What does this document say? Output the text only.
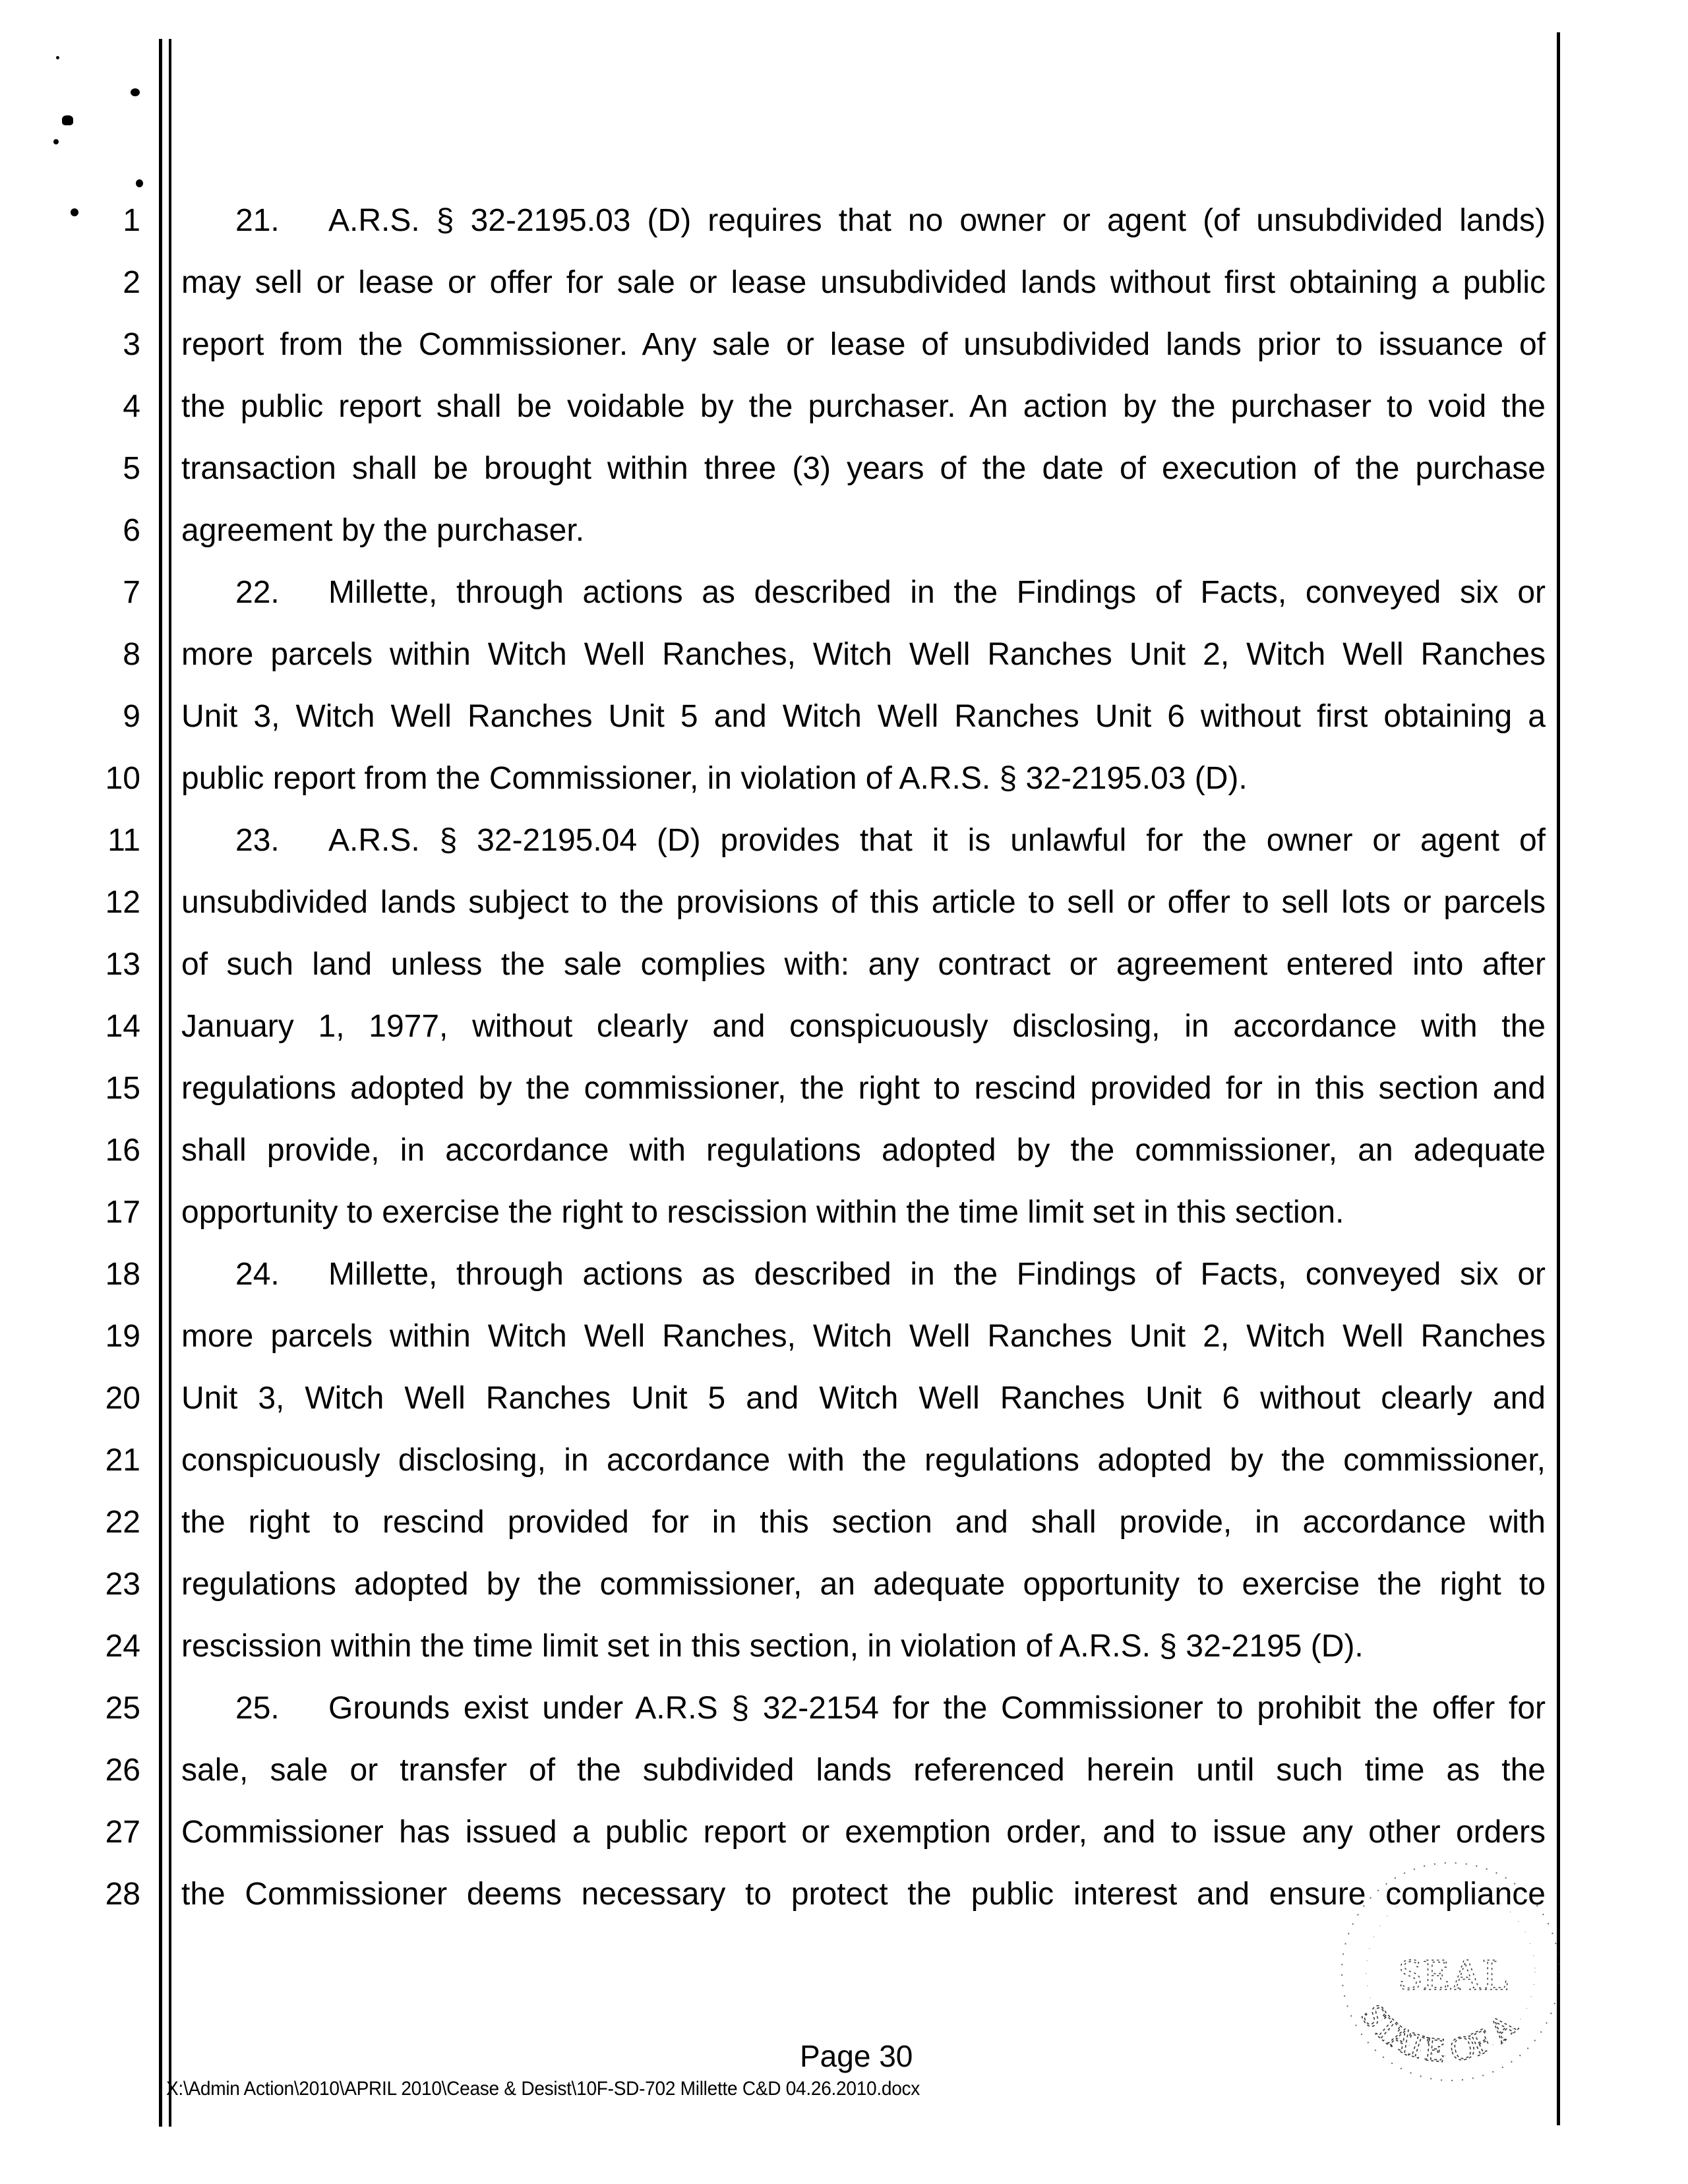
1
2
3
4
5
6
7
8
9
10
11
12
13
14
15
16
17
18
19
20
21
22
23
24
25
26
27
28
21. A.R.S. § 32-2195.03 (D) requires that no owner or agent (of unsubdivided lands)
may sell or lease or offer for sale or lease unsubdivided lands without first obtaining a public
report from the Commissioner. Any sale or lease of unsubdivided lands prior to issuance of
the public report shall be voidable by the purchaser. An action by the purchaser to void the
transaction shall be brought within three (3) years of the date of execution of the purchase
agreement by the purchaser.
22. Millette, through actions as described in the Findings of Facts, conveyed six or
more parcels within Witch Well Ranches, Witch Well Ranches Unit 2, Witch Well Ranches
Unit 3, Witch Well Ranches Unit 5 and Witch Well Ranches Unit 6 without first obtaining a
public report from the Commissioner, in violation of A.R.S. § 32-2195.03 (D).
23. A.R.S. § 32-2195.04 (D) provides that it is unlawful for the owner or agent of
unsubdivided lands subject to the provisions of this article to sell or offer to sell lots or parcels
of such land unless the sale complies with: any contract or agreement entered into after
January 1, 1977, without clearly and conspicuously disclosing, in accordance with the
regulations adopted by the commissioner, the right to rescind provided for in this section and
shall provide, in accordance with regulations adopted by the commissioner, an adequate
opportunity to exercise the right to rescission within the time limit set in this section.
24. Millette, through actions as described in the Findings of Facts, conveyed six or
more parcels within Witch Well Ranches, Witch Well Ranches Unit 2, Witch Well Ranches
Unit 3, Witch Well Ranches Unit 5 and Witch Well Ranches Unit 6 without clearly and
conspicuously disclosing, in accordance with the regulations adopted by the commissioner,
the right to rescind provided for in this section and shall provide, in accordance with
regulations adopted by the commissioner, an adequate opportunity to exercise the right to
rescission within the time limit set in this section, in violation of A.R.S. § 32-2195 (D).
25. Grounds exist under A.R.S § 32-2154 for the Commissioner to prohibit the offer for
sale, sale or transfer of the subdivided lands referenced herein until such time as the
Commissioner has issued a public report or exemption order, and to issue any other orders
the Commissioner deems necessary to protect the public interest and ensure compliance
Page 30
X:\Admin Action\2010\APRIL 2010\Cease & Desist\10F-SD-702 Millette C&D 04.26.2010.docx
SEAL
STATE OF A
